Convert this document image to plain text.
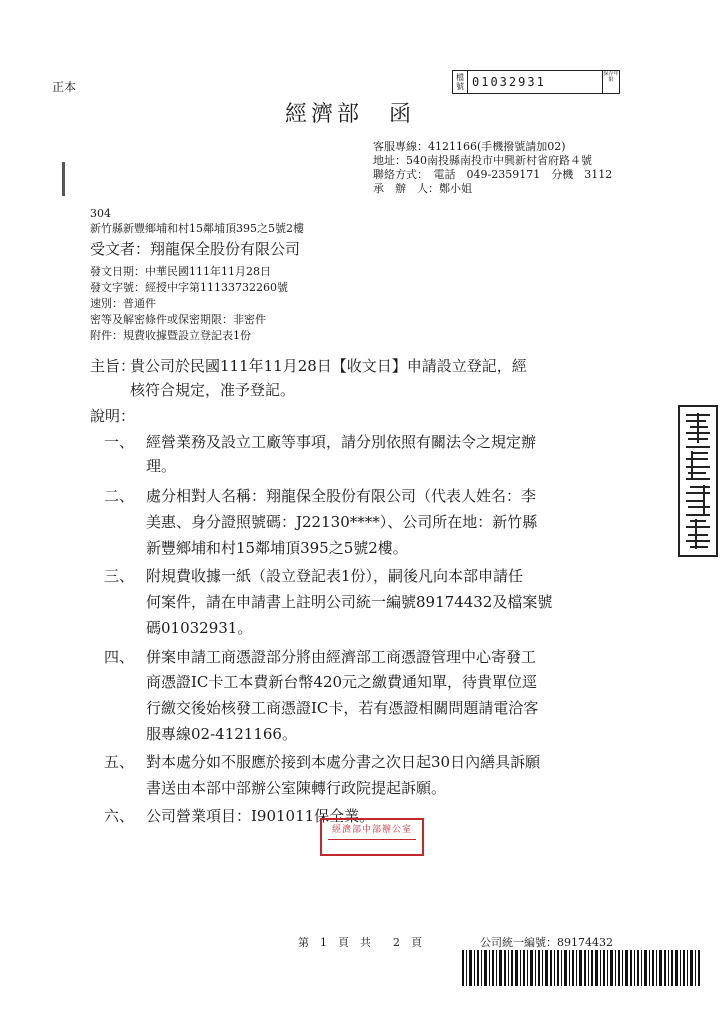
正本
檔號 01032931
保存年限
經濟部　函
客服專線：4121166(手機撥號請加02)
地址：540南投縣南投市中興新村省府路４號
聯絡方式：　電話　049-2359171　分機　3112
承　辦　人：鄭小姐
304
新竹縣新豐鄉埔和村15鄰埔頂395之5號2樓
受文者：翔龍保全股份有限公司
發文日期：中華民國111年11月28日
發文字號：經授中字第11133732260號
速別：普通件
密等及解密條件或保密期限：非密件
附件：規費收據暨設立登記表1份
主旨：
貴公司於民國111年11月28日【收文日】申請設立登記，經
核符合規定，准予登記。
說明：
一、 經營業務及設立工廠等事項，請分別依照有關法令之規定辦
理。
二、 處分相對人名稱：翔龍保全股份有限公司（代表人姓名：李
美惠、身分證照號碼：J22130****）、公司所在地：新竹縣
新豐鄉埔和村15鄰埔頂395之5號2樓。
三、 附規費收據一紙（設立登記表1份），嗣後凡向本部申請任
何案件，請在申請書上註明公司統一編號89174432及檔案號
碼01032931。
四、 併案申請工商憑證部分將由經濟部工商憑證管理中心寄發工
商憑證IC卡工本費新台幣420元之繳費通知單，待貴單位逕
行繳交後始核發工商憑證IC卡，若有憑證相關問題請電洽客
服專線02-4121166。
五、 對本處分如不服應於接到本處分書之次日起30日內繕具訴願
書送由本部中部辦公室陳轉行政院提起訴願。
六、 公司營業項目：I901011保全業。
經濟部中部辦公室
第　1　頁　共　　2　頁	公司統一編號：89174432
